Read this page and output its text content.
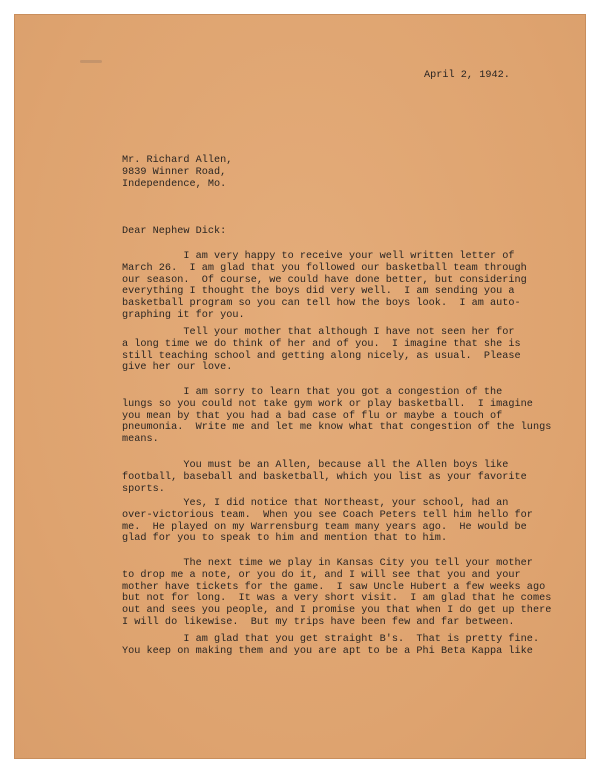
April 2, 1942.
Mr. Richard Allen,
9839 Winner Road,
Independence, Mo.
Dear Nephew Dick:
I am very happy to receive your well written letter of
March 26.  I am glad that you followed our basketball team through
our season.  Of course, we could have done better, but considering
everything I thought the boys did very well.  I am sending you a
basketball program so you can tell how the boys look.  I am auto-
graphing it for you.
Tell your mother that although I have not seen her for
a long time we do think of her and of you.  I imagine that she is
still teaching school and getting along nicely, as usual.  Please
give her our love.
I am sorry to learn that you got a congestion of the
lungs so you could not take gym work or play basketball.  I imagine
you mean by that you had a bad case of flu or maybe a touch of
pneumonia.  Write me and let me know what that congestion of the lungs
means.
You must be an Allen, because all the Allen boys like
football, baseball and basketball, which you list as your favorite
sports.
Yes, I did notice that Northeast, your school, had an
over-victorious team.  When you see Coach Peters tell him hello for
me.  He played on my Warrensburg team many years ago.  He would be
glad for you to speak to him and mention that to him.
The next time we play in Kansas City you tell your mother
to drop me a note, or you do it, and I will see that you and your
mother have tickets for the game.  I saw Uncle Hubert a few weeks ago
but not for long.  It was a very short visit.  I am glad that he comes
out and sees you people, and I promise you that when I do get up there
I will do likewise.  But my trips have been few and far between.
I am glad that you get straight B's.  That is pretty fine.
You keep on making them and you are apt to be a Phi Beta Kappa like
